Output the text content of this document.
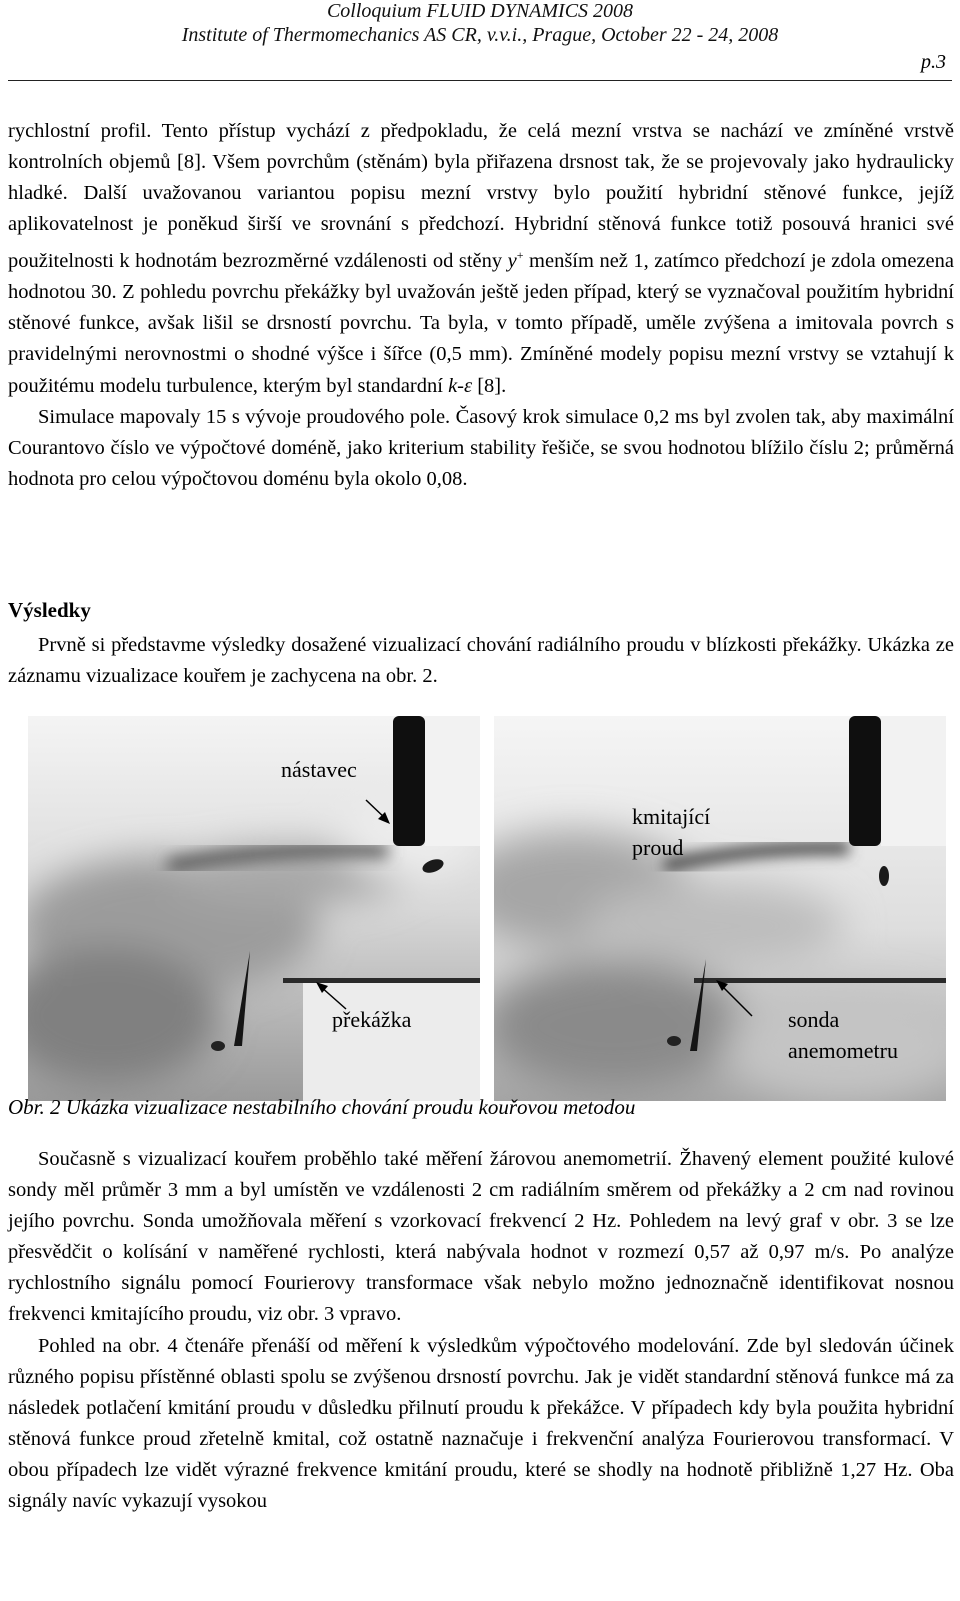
Colloquium FLUID DYNAMICS 2008
Institute of Thermomechanics AS CR, v.v.i., Prague, October 22 - 24, 2008
p.3

rychlostní profil. Tento přístup vychází z předpokladu, že celá mezní vrstva se nachází ve zmíněné vrstvě kontrolních objemů [8]. Všem povrchům (stěnám) byla přiřazena drsnost tak, že se projevovaly jako hydraulicky hladké. Další uvažovanou variantou popisu mezní vrstvy bylo použití hybridní stěnové funkce, jejíž aplikovatelnost je poněkud širší ve srovnání s předchozí. Hybridní stěnová funkce totiž posouvá hranici své použitelnosti k hodnotám bezrozměrné vzdálenosti od stěny y+ menším než 1, zatímco předchozí je zdola omezena hodnotou 30. Z pohledu povrchu překážky byl uvažován ještě jeden případ, který se vyznačoval použitím hybridní stěnové funkce, avšak lišil se drsností povrchu. Ta byla, v tomto případě, uměle zvýšena a imitovala povrch s pravidelnými nerovnostmi o shodné výšce i šířce (0,5 mm). Zmíněné modely popisu mezní vrstvy se vztahují k použitému modelu turbulence, kterým byl standardní k-ε [8].

Simulace mapovaly 15 s vývoje proudového pole. Časový krok simulace 0,2 ms byl zvolen tak, aby maximální Courantovo číslo ve výpočtové doméně, jako kriterium stability řešiče, se svou hodnotou blížilo číslu 2; průměrná hodnota pro celou výpočtovou doménu byla okolo 0,08.

Výsledky

Prvně si představme výsledky dosažené vizualizací chování radiálního proudu v blízkosti překážky. Ukázka ze záznamu vizualizace kouřem je zachycena na obr. 2.

nástavec
překážka
kmitající
proud
sonda
anemometru
Obr. 2 Ukázka vizualizace nestabilního chování proudu kouřovou metodou

Současně s vizualizací kouřem proběhlo také měření žárovou anemometrií. Žhavený element použité kulové sondy měl průměr 3 mm a byl umístěn ve vzdálenosti 2 cm radiálním směrem od překážky a 2 cm nad rovinou jejího povrchu. Sonda umožňovala měření s vzorkovací frekvencí 2 Hz. Pohledem na levý graf v obr. 3 se lze přesvědčit o kolísání v naměřené rychlosti, která nabývala hodnot v rozmezí 0,57 až 0,97 m/s. Po analýze rychlostního signálu pomocí Fourierovy transformace však nebylo možno jednoznačně identifikovat nosnou frekvenci kmitajícího proudu, viz obr. 3 vpravo.

Pohled na obr. 4 čtenáře přenáší od měření k výsledkům výpočtového modelování. Zde byl sledován účinek různého popisu přístěnné oblasti spolu se zvýšenou drsností povrchu. Jak je vidět standardní stěnová funkce má za následek potlačení kmitání proudu v důsledku přilnutí proudu k překážce. V případech kdy byla použita hybridní stěnová funkce proud zřetelně kmital, což ostatně naznačuje i frekvenční analýza Fourierovou transformací. V obou případech lze vidět výrazné frekvence kmitání proudu, které se shodly na hodnotě přibližně 1,27 Hz. Oba signály navíc vykazují vysokou
